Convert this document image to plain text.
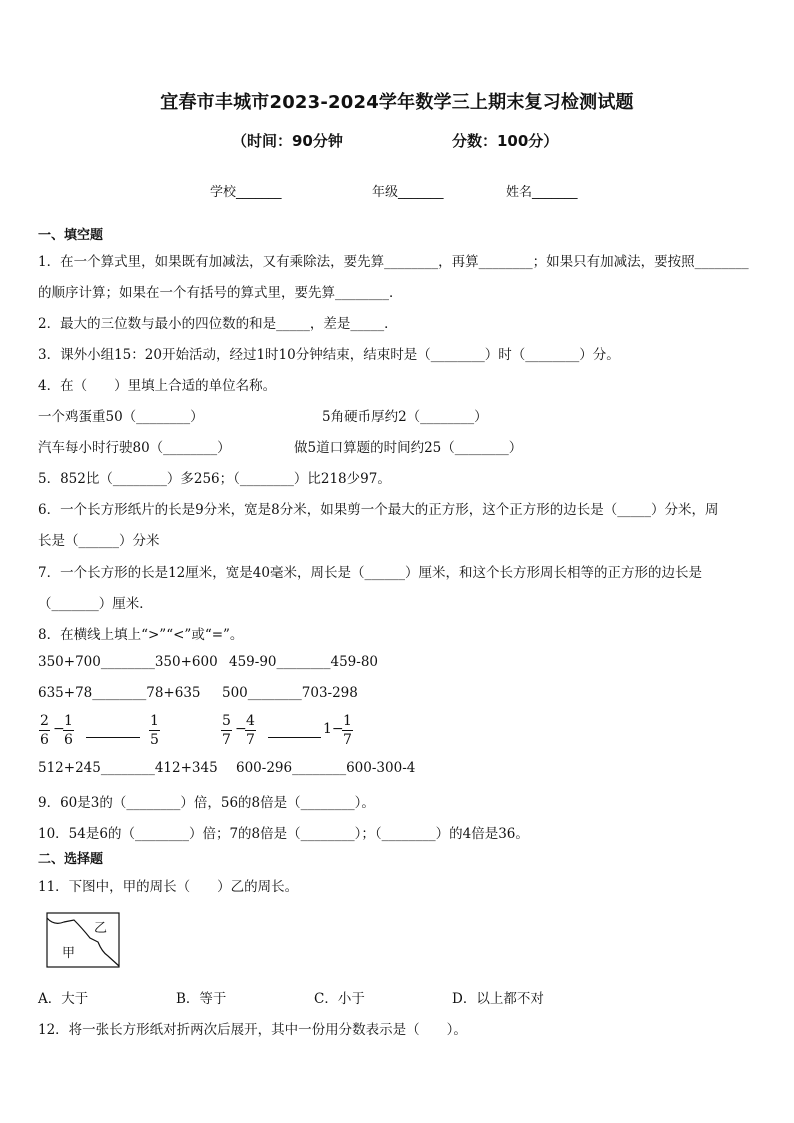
宜春市丰城市2023-2024学年数学三上期末复习检测试题
（时间：90分钟	分数：100分）
学校_______	年级_______	姓名_______
一、填空题
1．在一个算式里，如果既有加减法，又有乘除法，要先算________，再算________；如果只有加减法，要按照________
的顺序计算；如果在一个有括号的算式里，要先算________．
2．最大的三位数与最小的四位数的和是_____，差是_____．
3．课外小组15：20开始活动，经过1时10分钟结束，结束时是（________）时（________）分。
4．在（　　）里填上合适的单位名称。
一个鸡蛋重50（________）	5角硬币厚约2（________）
汽车每小时行驶80（________）	做5道口算题的时间约25（________）
5．852比（________）多256；（________）比218少97。
6．一个长方形纸片的长是9分米，宽是8分米，如果剪一个最大的正方形，这个正方形的边长是（_____）分米，周
长是（______）分米
7．一个长方形的长是12厘米，宽是40毫米，周长是（______）厘米，和这个长方形周长相等的正方形的边长是
（_______）厘米．
8．在横线上填上“>”“<”或“=”。
350+700________350+600 459-90________459-80
635+78________78+635 500________703-298
$\frac{2}{6}$ −
$\frac{1}{6}$	$\frac{1}{5}$	$\frac{5}{7}$ −
$\frac{4}{7}$	1−
$\frac{1}{7}$
512+245________412+345 600-296________600-300-4
9．60是3的（________）倍，56的8倍是（________）。
10．54是6的（________）倍；7的8倍是（________）；（________）的4倍是36。
二、选择题
11．下图中，甲的周长（　　）乙的周长。
甲
乙
A．大于	B．等于	C．小于	D．以上都不对
12．将一张长方形纸对折两次后展开，其中一份用分数表示是（　　）。
